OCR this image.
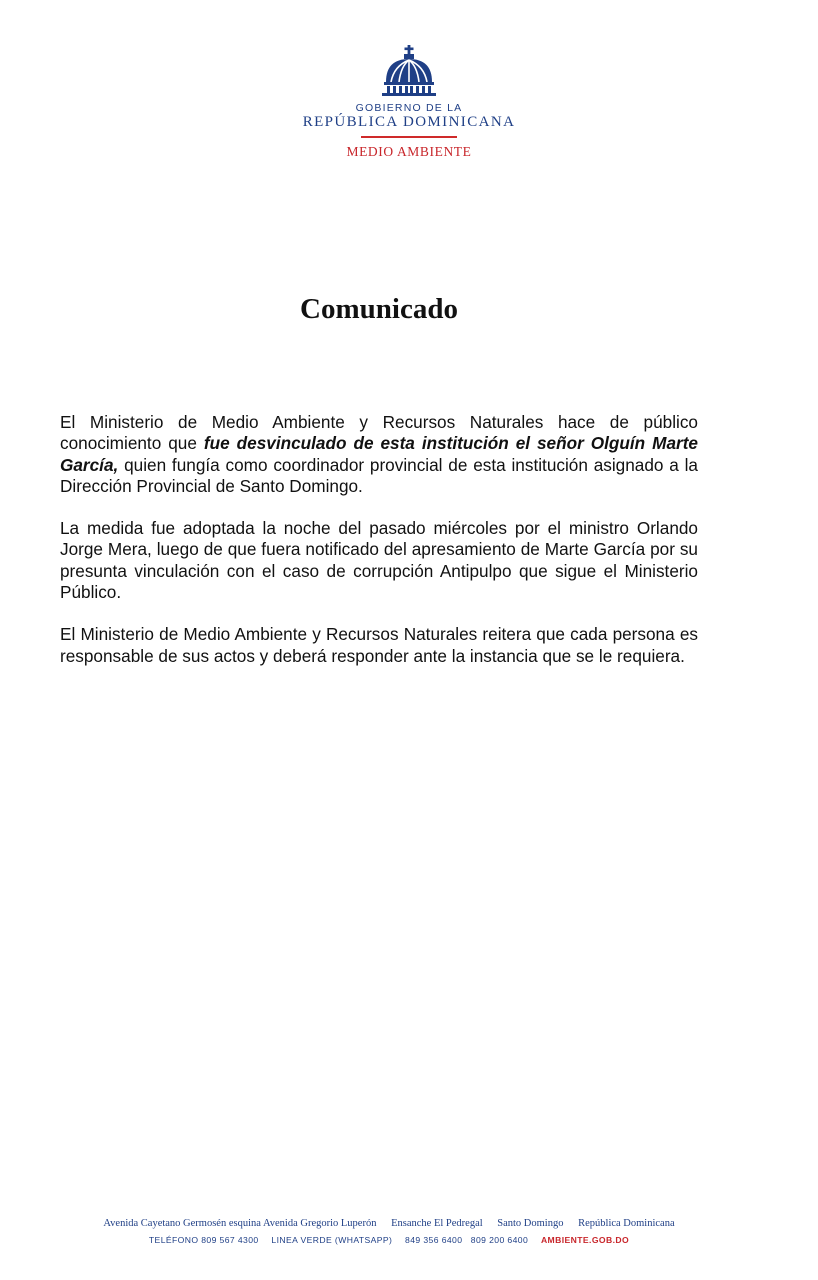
GOBIERNO DE LA
REPÚBLICA DOMINICANA
MEDIO AMBIENTE
Comunicado

El Ministerio de Medio Ambiente y Recursos Naturales hace de público conocimiento que fue desvinculado de esta institución el señor Olguín Marte García, quien fungía como coordinador provincial de esta institución asignado a la Dirección Provincial de Santo Domingo.

La medida fue adoptada la noche del pasado miércoles por el ministro Orlando Jorge Mera, luego de que fuera notificado del apresamiento de Marte García por su presunta vinculación con el caso de corrupción Antipulpo que sigue el Ministerio Público.

El Ministerio de Medio Ambiente y Recursos Naturales reitera que cada persona es responsable de sus actos y deberá responder ante la instancia que se le requiera.

Avenida Cayetano Germosén esquina Avenida Gregorio Luperón Ensanche El Pedregal Santo Domingo República Dominicana
TELÉFONO 809 567 4300 LINEA VERDE (WHATSAPP) 849 356 6400   809 200 6400 AMBIENTE.GOB.DO
